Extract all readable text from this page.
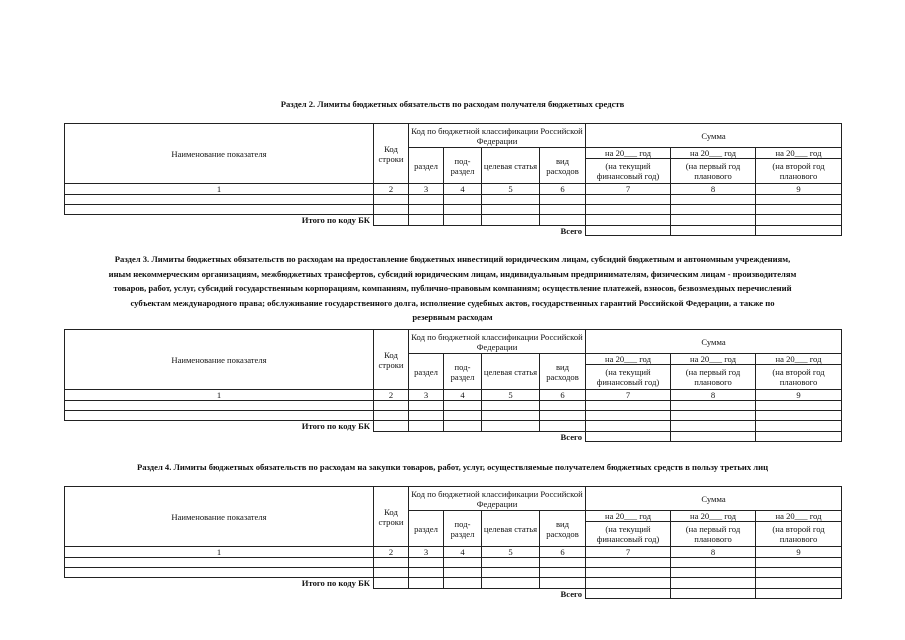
Раздел 2. Лимиты бюджетных обязательств по расходам получателя бюджетных средств
Наименование показателя	Код строки	Код по бюджетной классификации Российской Федерации				Сумма		
		раздел	под-раздел	целевая статья	вид расходов	на 20___ год	на 20___ год	на 20___ год
						(на текущий финансовый год)	(на первый год планового	(на второй год планового
1	2	3	4	5	6	7	8	9

Итого по коду БК								
					Всего			
Раздел 3. Лимиты бюджетных обязательств по расходам на предоставление бюджетных инвестиций юридическим лицам, субсидий бюджетным и автономным учреждениям,
иным некоммерческим организациям, межбюджетных трансфертов, субсидий юридическим лицам, индивидуальным предпринимателям, физическим лицам - производителям
товаров, работ, услуг, субсидий государственным корпорациям, компаниям, публично-правовым компаниям; осуществление платежей, взносов, безвозмездных перечислений
субъектам международного права; обслуживание государственного долга, исполнение судебных актов, государственных гарантий Российской Федерации, а также по
резервным расходам
Наименование показателя	Код строки	Код по бюджетной классификации Российской Федерации				Сумма		
		раздел	под-раздел	целевая статья	вид расходов	на 20___ год	на 20___ год	на 20___ год
						(на текущий финансовый год)	(на первый год планового	(на второй год планового
1	2	3	4	5	6	7	8	9

Итого по коду БК								
					Всего			
Раздел 4. Лимиты бюджетных обязательств по расходам на закупки товаров, работ, услуг, осуществляемые получателем бюджетных средств в пользу третьих лиц
Наименование показателя	Код строки	Код по бюджетной классификации Российской Федерации				Сумма		
		раздел	под-раздел	целевая статья	вид расходов	на 20___ год	на 20___ год	на 20___ год
						(на текущий финансовый год)	(на первый год планового	(на второй год планового
1	2	3	4	5	6	7	8	9

Итого по коду БК								
					Всего			
